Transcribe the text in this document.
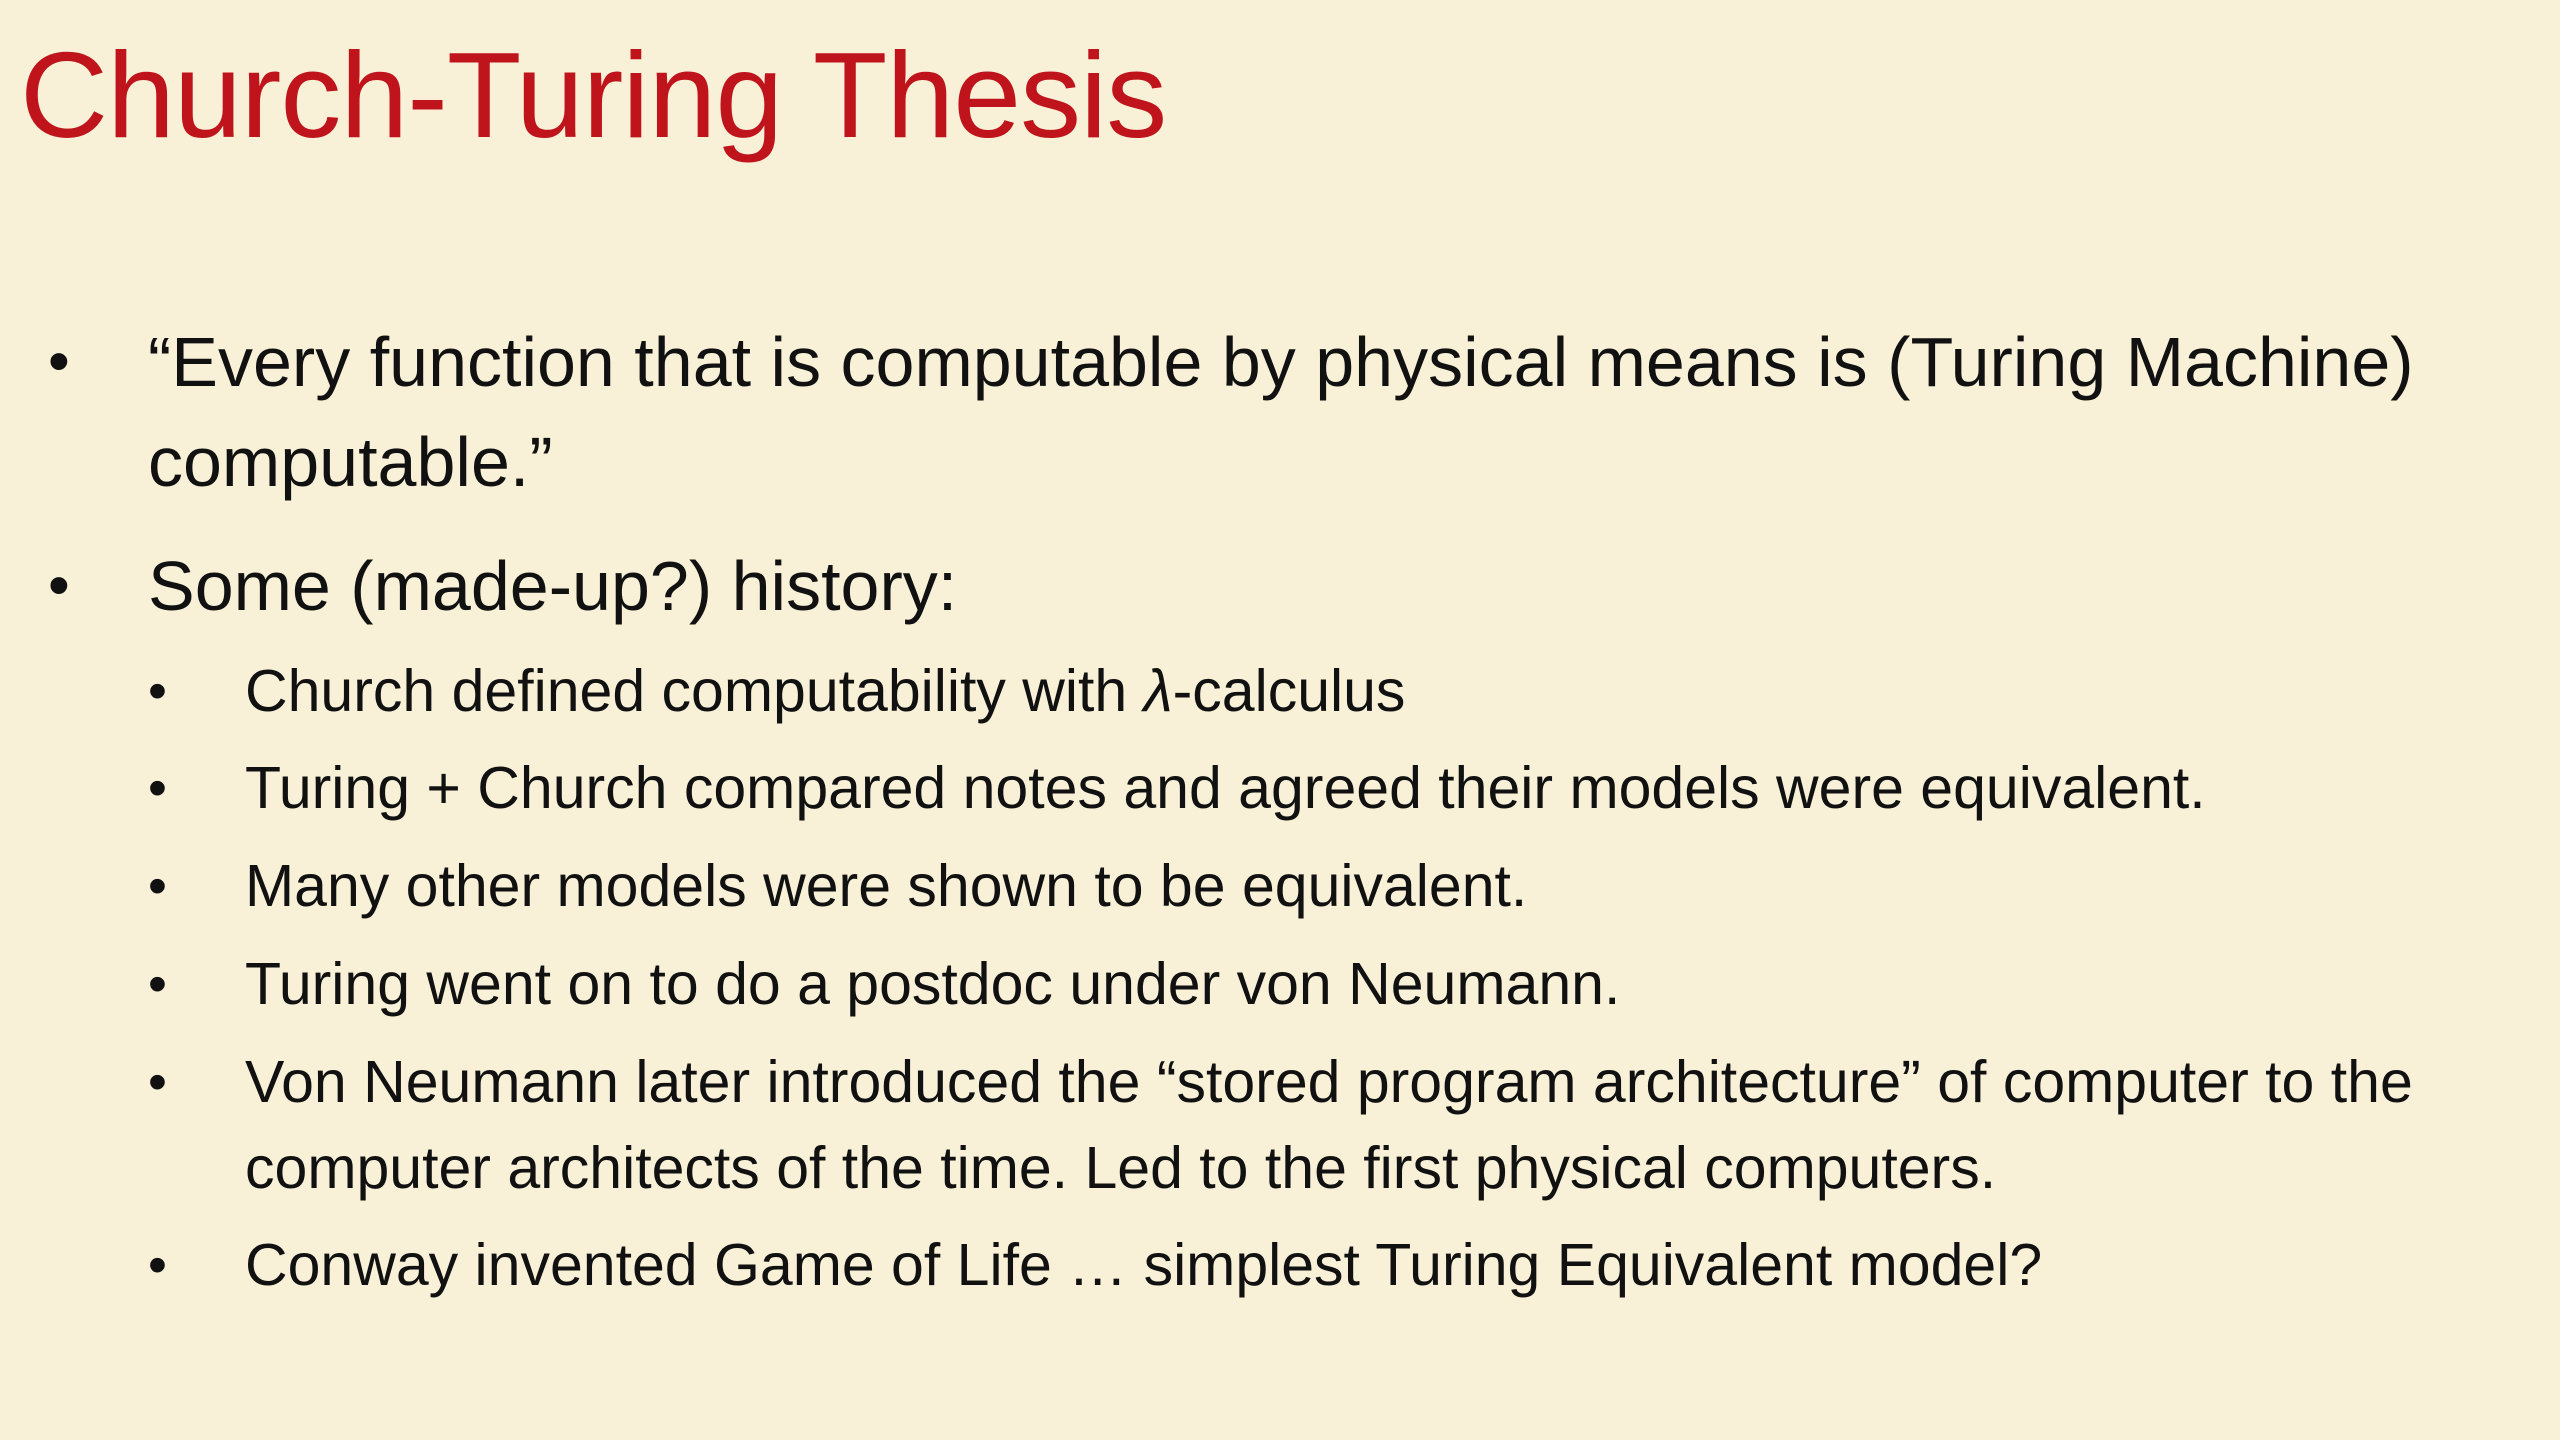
Church-Turing Thesis
• “Every function that is computable by physical means is (Turing Machine) computable.”
• Some (made-up?) history:
• Church defined computability with λ-calculus
• Turing + Church compared notes and agreed their models were equivalent.
• Many other models were shown to be equivalent.
• Turing went on to do a postdoc under von Neumann.
• Von Neumann later introduced the “stored program architecture” of computer to the computer architects of the time. Led to the first physical computers.
• Conway invented Game of Life … simplest Turing Equivalent model?
